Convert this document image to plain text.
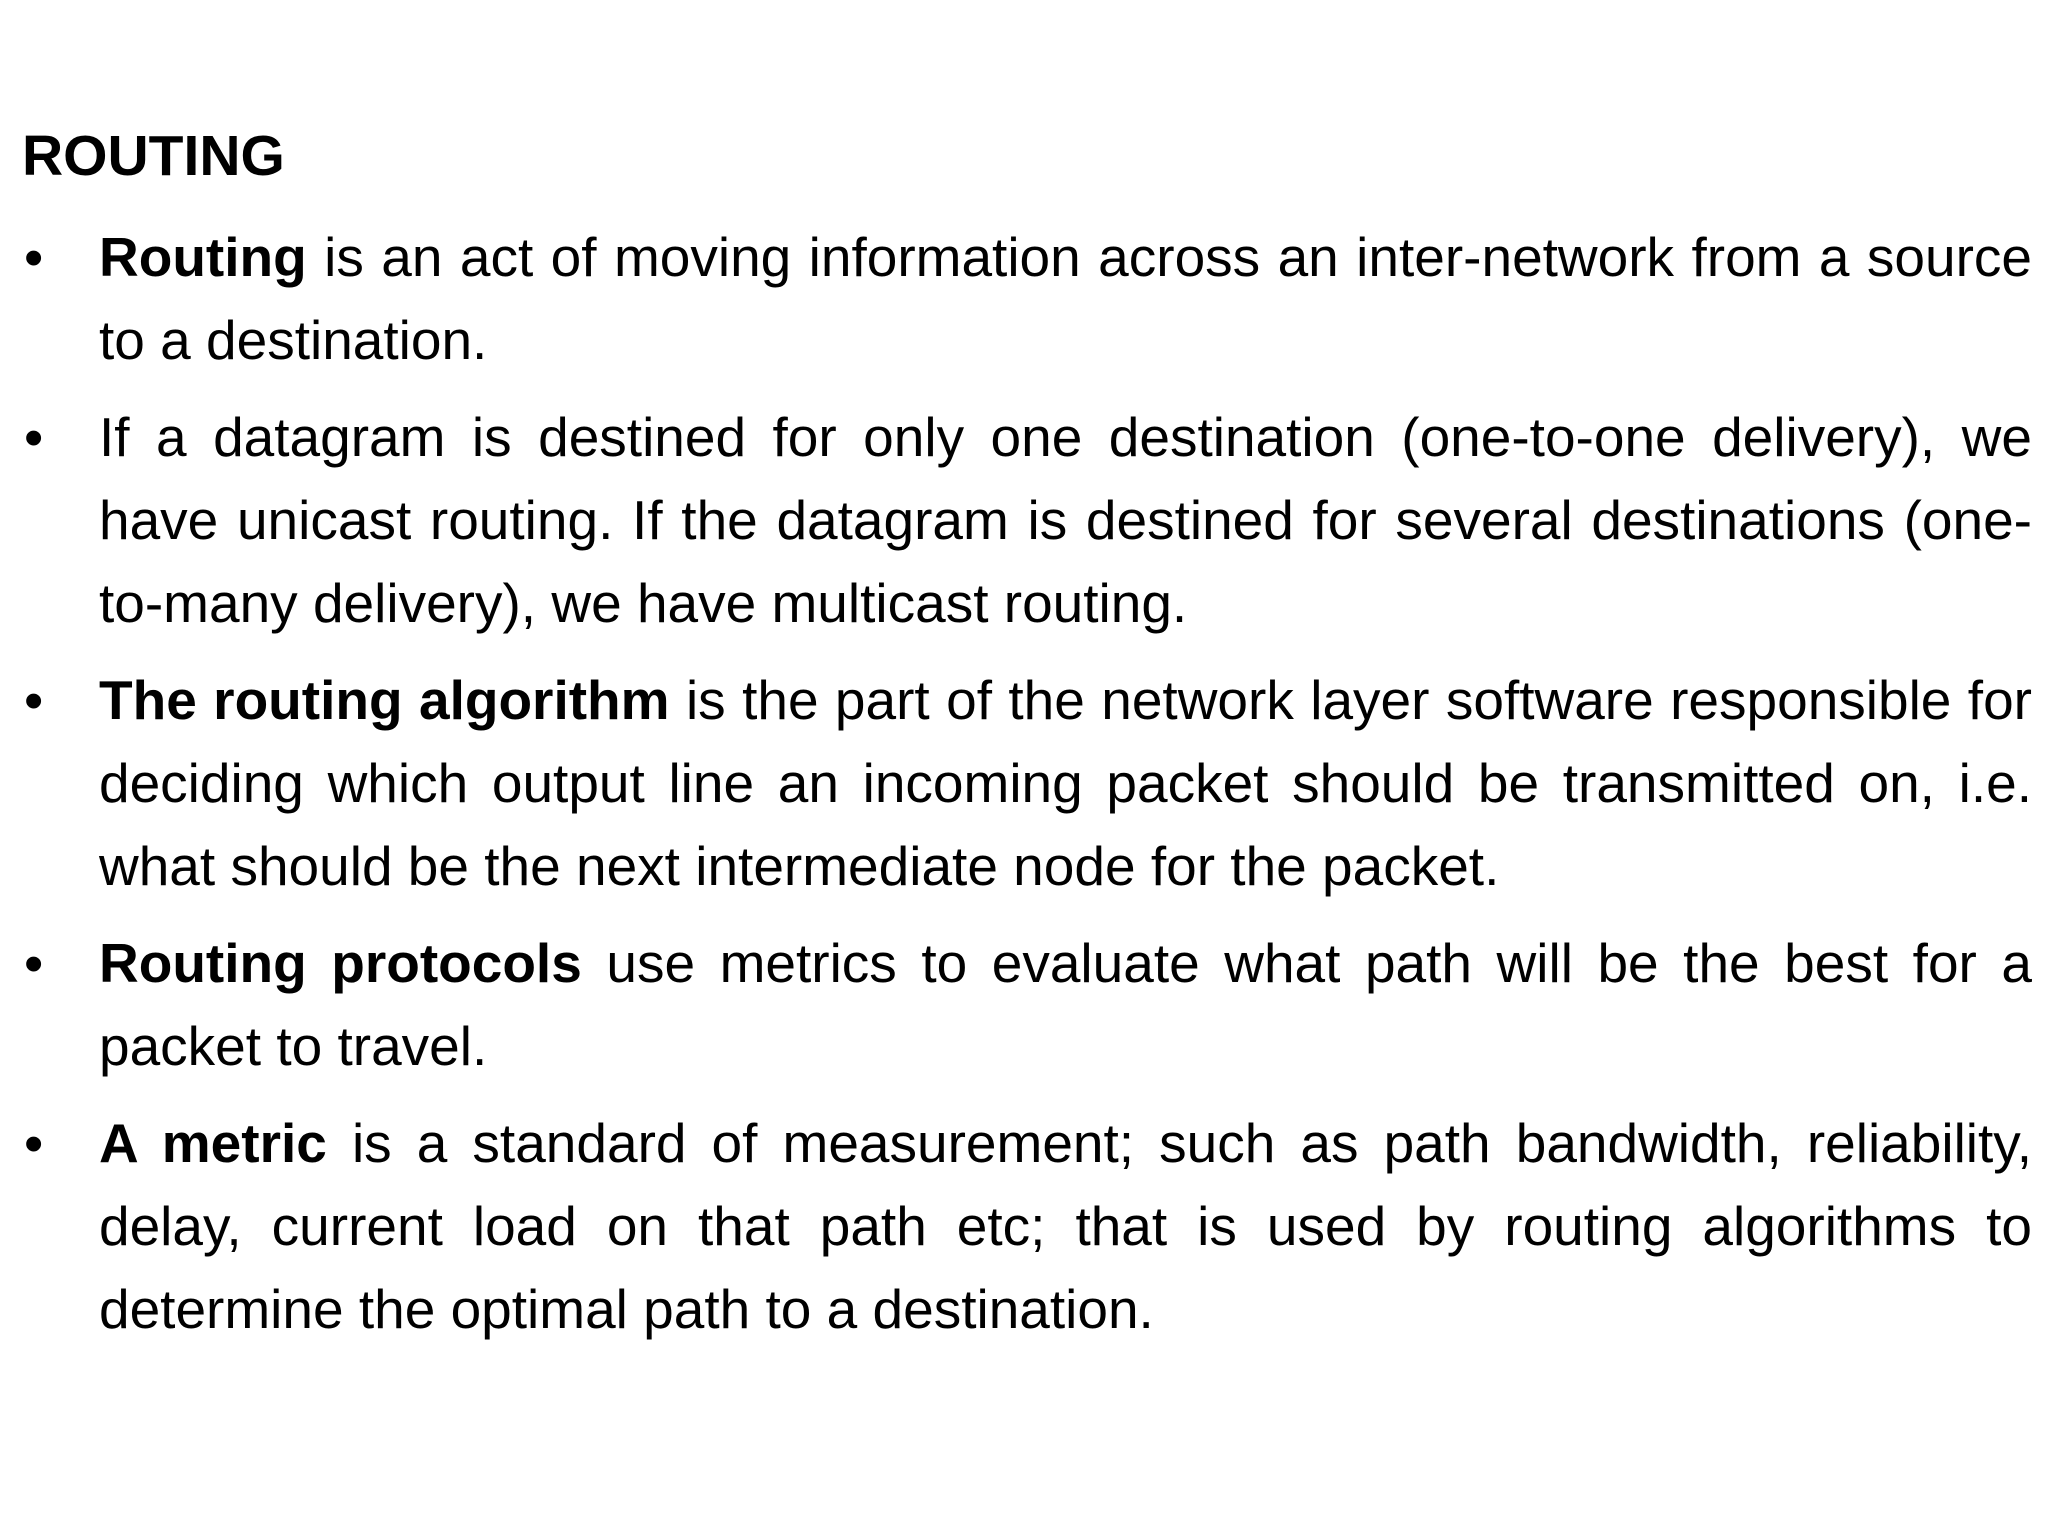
ROUTING
• Routing is an act of moving information across an inter-network from a source to a destination.
• If a datagram is destined for only one destination (one-to-one delivery), we have unicast routing. If the datagram is destined for several destinations (one-to-many delivery), we have multicast routing.
• The routing algorithm is the part of the network layer software responsible for deciding which output line an incoming packet should be transmitted on, i.e. what should be the next intermediate node for the packet.
• Routing protocols use metrics to evaluate what path will be the best for a packet to travel.
• A metric is a standard of measurement; such as path bandwidth, reliability, delay, current load on that path etc; that is used by routing algorithms to determine the optimal path to a destination.
